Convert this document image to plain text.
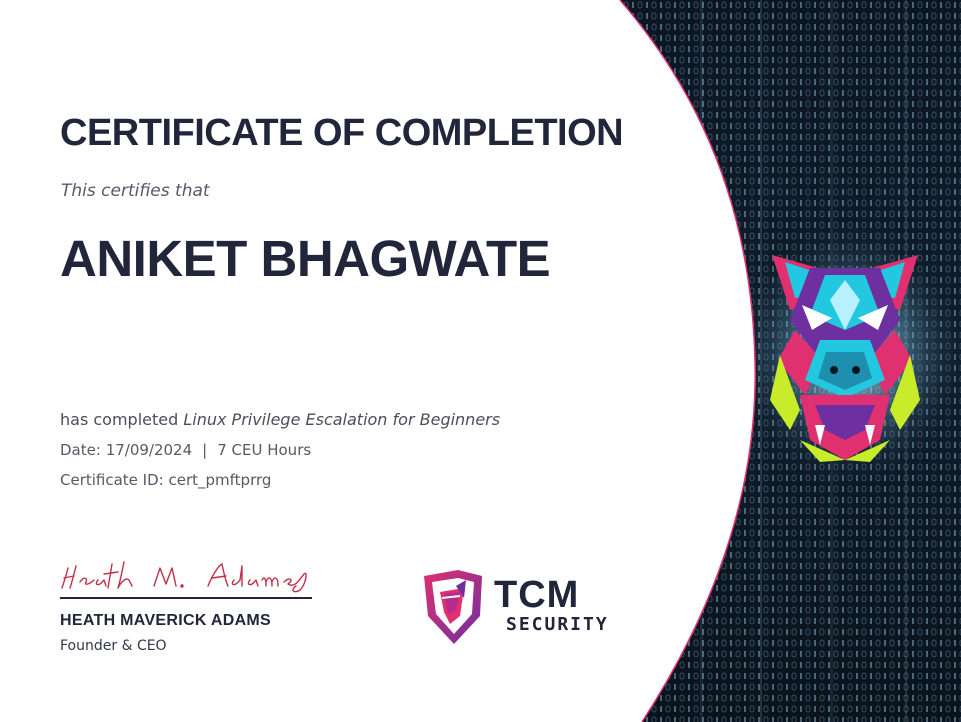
CERTIFICATE OF COMPLETION
This certifies that
ANIKET BHAGWATE
has completed Linux Privilege Escalation for Beginners
Date: 17/09/2024 | 7 CEU Hours
Certificate ID: cert_pmftprrg
HEATH MAVERICK ADAMS
Founder & CEO
TCM
SECURITY
